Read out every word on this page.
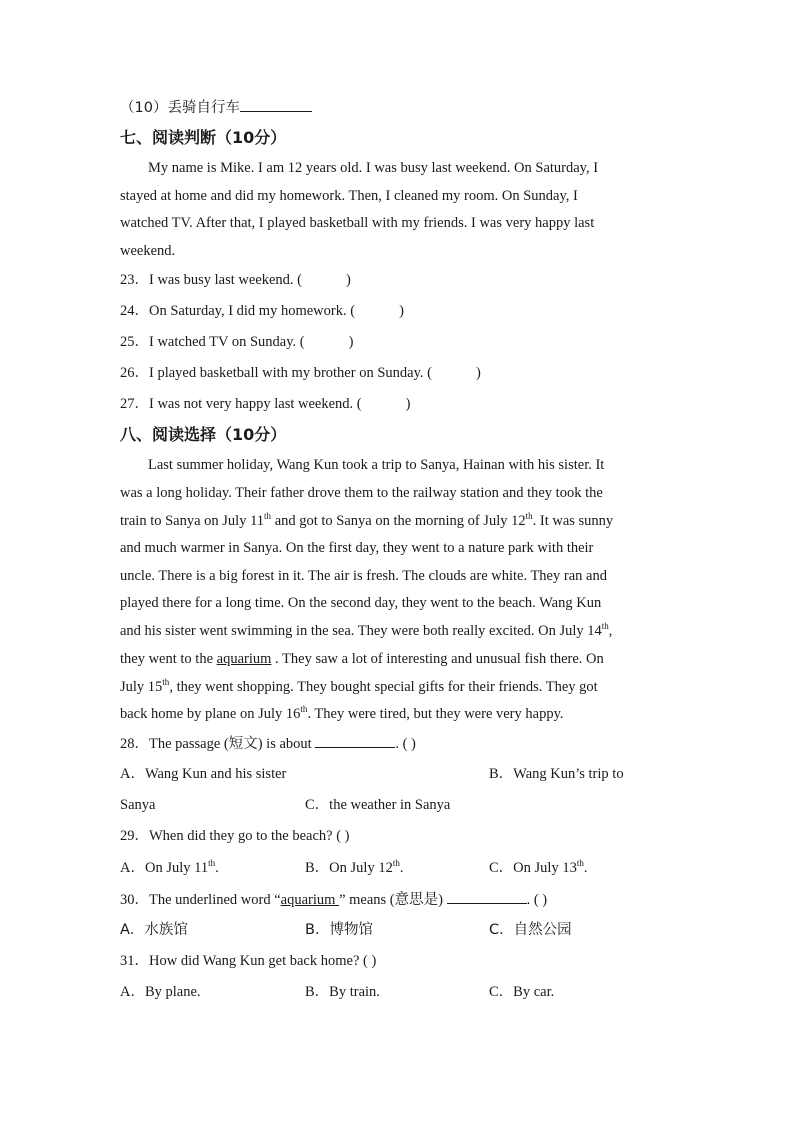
（10）丢骑自行车
七、阅读判断（10分）
My name is Mike. I am 12 years old. I was busy last weekend. On Saturday, I
stayed at home and did my homework. Then, I cleaned my room. On Sunday, I
watched TV. After that, I played basketball with my friends. I was very happy last
weekend.
23．I was busy last weekend. (	)
24．On Saturday, I did my homework. (	)
25．I watched TV on Sunday. (	)
26．I played basketball with my brother on Sunday. (	)
27．I was not very happy last weekend. (	)
八、阅读选择（10分）
Last summer holiday, Wang Kun took a trip to Sanya, Hainan with his sister. It
was a long holiday. Their father drove them to the railway station and they took the
train to Sanya on July 11th and got to Sanya on the morning of July 12th. It was sunny
and much warmer in Sanya. On the first day, they went to a nature park with their
uncle. There is a big forest in it. The air is fresh. The clouds are white. They ran and
played there for a long time. On the second day, they went to the beach. Wang Kun
and his sister went swimming in the sea. They were both really excited. On July 14th,
they went to the aquarium . They saw a lot of interesting and unusual fish there. On
July 15th, they went shopping. They bought special gifts for their friends. They got
back home by plane on July 16th. They were tired, but they were very happy.
28．The passage (短文) is about	. ( )
A．Wang Kun and his sister	B．Wang Kun’s trip to
Sanya	C．the weather in Sanya
29．When did they go to the beach? ( )
A．On July 11th.	B．On July 12th.	C．On July 13th.
30．The underlined word “aquarium ” means (意思是)	. ( )
A．水族馆	B．博物馆	C．自然公园
31．How did Wang Kun get back home? ( )
A．By plane.	B．By train.	C．By car.
